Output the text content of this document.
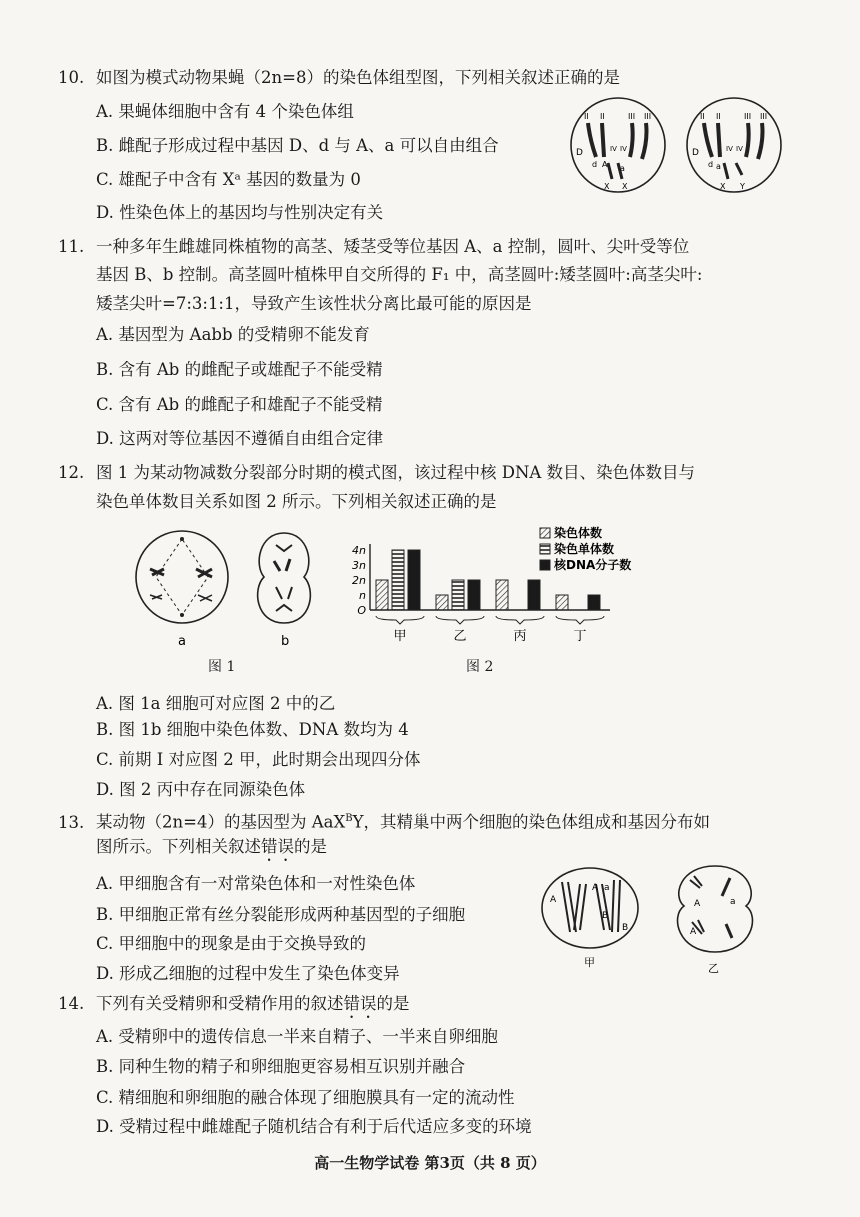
10. 如图为模式动物果蝇（2n=8）的染色体组型图，下列相关叙述正确的是
A. 果蝇体细胞中含有 4 个染色体组
B. 雌配子形成过程中基因 D、d 与 A、a 可以自由组合
C. 雄配子中含有 Xᵃ 基因的数量为 0
D. 性染色体上的基因均与性别决定有关
II II	III III
D
d
IV IV
A a
X X
II II	III III
D
d
IV IV
a
X Y
11. 一种多年生雌雄同株植物的高茎、矮茎受等位基因 A、a 控制，圆叶、尖叶受等位
基因 B、b 控制。高茎圆叶植株甲自交所得的 F₁ 中，高茎圆叶:矮茎圆叶:高茎尖叶:
矮茎尖叶=7:3:1:1，导致产生该性状分离比最可能的原因是
A. 基因型为 Aabb 的受精卵不能发育
B. 含有 Ab 的雌配子或雄配子不能受精
C. 含有 Ab 的雌配子和雄配子不能受精
D. 这两对等位基因不遵循自由组合定律
12. 图 1 为某动物减数分裂部分时期的模式图，该过程中核 DNA 数目、染色体数目与
染色单体数目关系如图 2 所示。下列相关叙述正确的是
a	b
图 1
4n
3n
2n
n
O
甲	乙	丙	丁
染色体数
染色单体数
核DNA分子数
图 2
A. 图 1a 细胞可对应图 2 中的乙
B. 图 1b 细胞中染色体数、DNA 数均为 4
C. 前期 I 对应图 2 甲，此时期会出现四分体
D. 图 2 丙中存在同源染色体
13. 某动物（2n=4）的基因型为 AaX$^B$Y，其精巢中两个细胞的染色体组成和基因分布如
图所示。下列相关叙述错误的是
A. 甲细胞含有一对常染色体和一对性染色体
B. 甲细胞正常有丝分裂能形成两种基因型的子细胞
C. 甲细胞中的现象是由于交换导致的
D. 形成乙细胞的过程中发生了染色体变异
A
A a
B
B
甲
A	a
A
乙
14. 下列有关受精卵和受精作用的叙述错误的是
A. 受精卵中的遗传信息一半来自精子、一半来自卵细胞
B. 同种生物的精子和卵细胞更容易相互识别并融合
C. 精细胞和卵细胞的融合体现了细胞膜具有一定的流动性
D. 受精过程中雌雄配子随机结合有利于后代适应多变的环境
高一生物学试卷 第3页（共 8 页）
